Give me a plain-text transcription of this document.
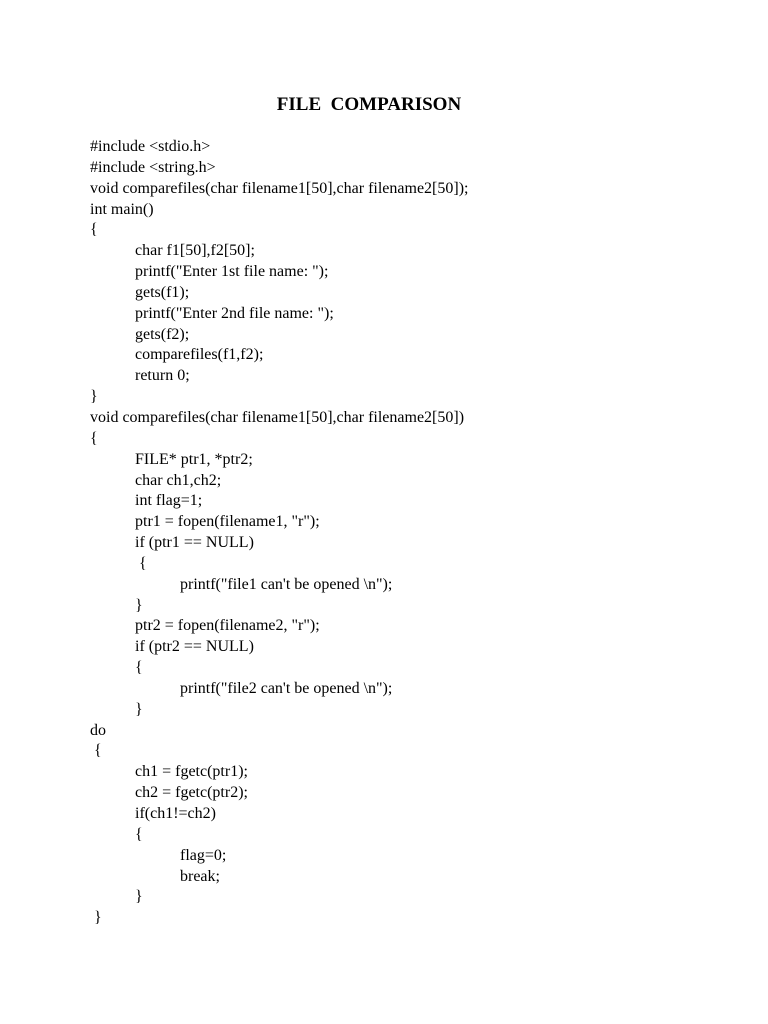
FILE  COMPARISON
#include <stdio.h>
#include <string.h>
void comparefiles(char filename1[50],char filename2[50]);
int main()
{
char f1[50],f2[50];
printf("Enter 1st file name: ");
gets(f1);
printf("Enter 2nd file name: ");
gets(f2);
comparefiles(f1,f2);
return 0;
}
void comparefiles(char filename1[50],char filename2[50])
{
FILE* ptr1, *ptr2;
char ch1,ch2;
int flag=1;
ptr1 = fopen(filename1, "r");
if (ptr1 == NULL)
{
printf("file1 can't be opened \n");
}
ptr2 = fopen(filename2, "r");
if (ptr2 == NULL)
{
printf("file2 can't be opened \n");
}
do
{
ch1 = fgetc(ptr1);
ch2 = fgetc(ptr2);
if(ch1!=ch2)
{
flag=0;
break;
}
}
